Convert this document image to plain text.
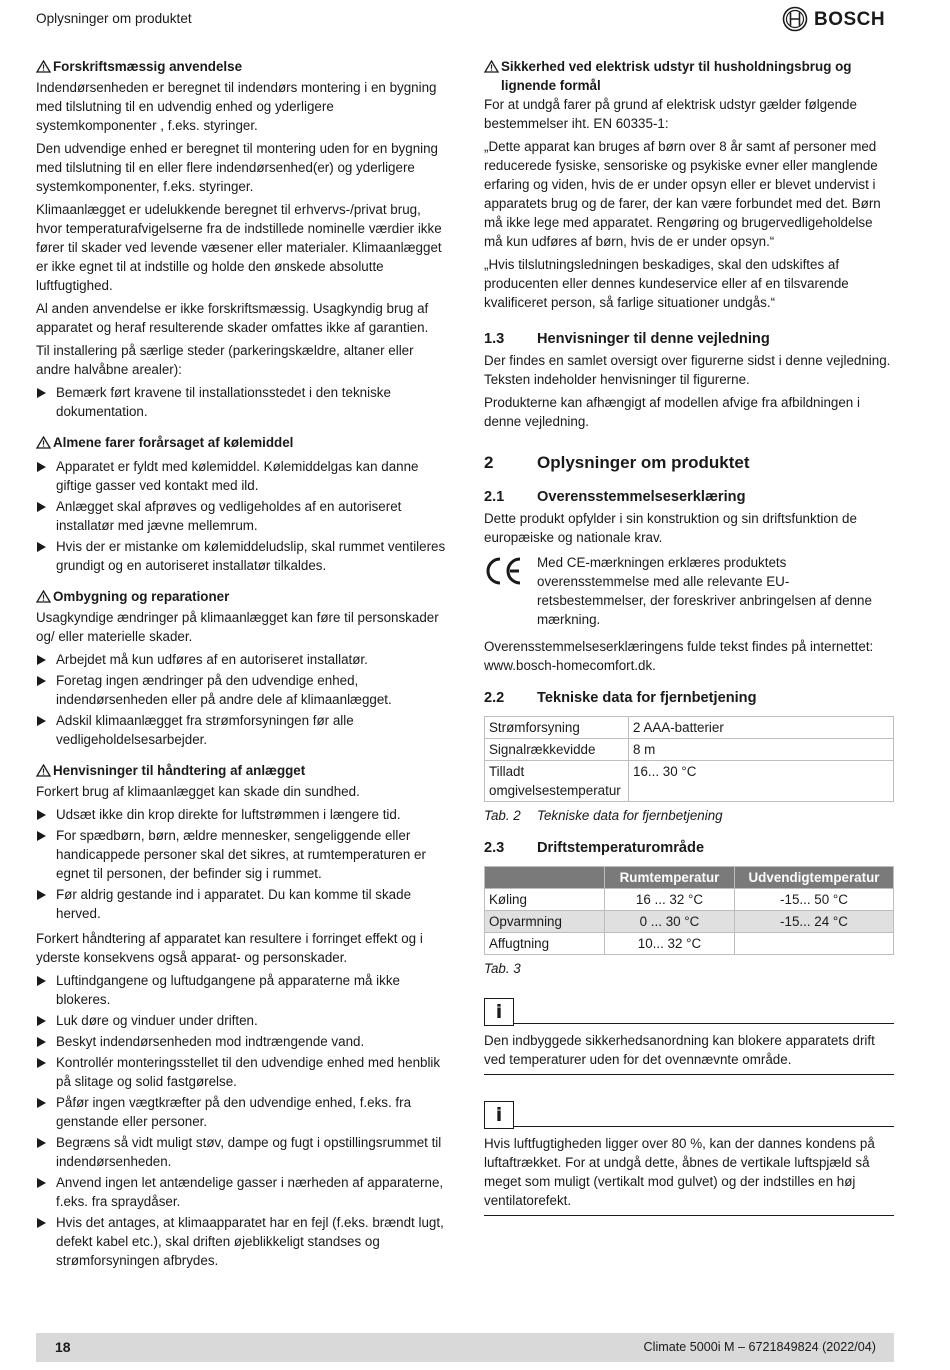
Oplysninger om produktet	BOSCH
Forskriftsmæssig anvendelse

Indendørsenheden er beregnet til indendørs montering i en bygning med tilslutning til en udvendig enhed og yderligere systemkomponenter , f.eks. styringer.

Den udvendige enhed er beregnet til montering uden for en bygning med tilslutning til en eller flere indendørsenhed(er) og yderligere systemkomponenter, f.eks. styringer.

Klimaanlægget er udelukkende beregnet til erhvervs-/privat brug, hvor temperaturafvigelserne fra de indstillede nominelle værdier ikke fører til skader ved levende væsener eller materialer. Klimaanlægget er ikke egnet til at indstille og holde den ønskede absolutte luftfugtighed.

Al anden anvendelse er ikke forskriftsmæssig. Usagkyndig brug af apparatet og heraf resulterende skader omfattes ikke af garantien.

Til installering på særlige steder (parkeringskældre, altaner eller andre halvåbne arealer):

Bemærk ført kravene til installationsstedet i den tekniske dokumentation.
Almene farer forårsaget af kølemiddel
Apparatet er fyldt med kølemiddel. Kølemiddelgas kan danne giftige gasser ved kontakt med ild.
Anlægget skal afprøves og vedligeholdes af en autoriseret installatør med jævne mellemrum.
Hvis der er mistanke om kølemiddeludslip, skal rummet ventileres grundigt og en autoriseret installatør tilkaldes.
Ombygning og reparationer

Usagkyndige ændringer på klimaanlægget kan føre til personskader og/ eller materielle skader.

Arbejdet må kun udføres af en autoriseret installatør.
Foretag ingen ændringer på den udvendige enhed, indendørsenheden eller på andre dele af klimaanlægget.
Adskil klimaanlægget fra strømforsyningen før alle vedligeholdelsesarbejder.
Henvisninger til håndtering af anlægget

Forkert brug af klimaanlægget kan skade din sundhed.

Udsæt ikke din krop direkte for luftstrømmen i længere tid.
For spædbørn, børn, ældre mennesker, sengeliggende eller handicappede personer skal det sikres, at rumtemperaturen er egnet til personen, der befinder sig i rummet.
Før aldrig gestande ind i apparatet. Du kan komme til skade herved.

Forkert håndtering af apparatet kan resultere i forringet effekt og i yderste konsekvens også apparat- og personskader.

Luftindgangene og luftudgangene på apparaterne må ikke blokeres.
Luk døre og vinduer under driften.
Beskyt indendørsenheden mod indtrængende vand.
Kontrollér monteringsstellet til den udvendige enhed med henblik på slitage og solid fastgørelse.
Påfør ingen vægtkræfter på den udvendige enhed, f.eks. fra genstande eller personer.
Begræns så vidt muligt støv, dampe og fugt i opstillingsrummet til indendørsenheden.
Anvend ingen let antændelige gasser i nærheden af apparaterne, f.eks. fra spraydåser.
Hvis det antages, at klimaapparatet har en fejl (f.eks. brændt lugt, defekt kabel etc.), skal driften øjeblikkeligt standses og strømforsyningen afbrydes.
Sikkerhed ved elektrisk udstyr til husholdningsbrug og lignende formål

For at undgå farer på grund af elektrisk udstyr gælder følgende bestemmelser iht. EN 60335-1:

„Dette apparat kan bruges af børn over 8 år samt af personer med reducerede fysiske, sensoriske og psykiske evner eller manglende erfaring og viden, hvis de er under opsyn eller er blevet undervist i apparatets brug og de farer, der kan være forbundet med det. Børn må ikke lege med apparatet. Rengøring og brugervedligeholdelse må kun udføres af børn, hvis de er under opsyn.“

„Hvis tilslutningsledningen beskadiges, skal den udskiftes af producenten eller dennes kundeservice eller af en tilsvarende kvalificeret person, så farlige situationer undgås.“

1.3	Henvisninger til denne vejledning

Der findes en samlet oversigt over figurerne sidst i denne vejledning. Teksten indeholder henvisninger til figurerne.

Produkterne kan afhængigt af modellen afvige fra afbildningen i denne vejledning.

2	Oplysninger om produktet
2.1	Overensstemmelseserklæring

Dette produkt opfylder i sin konstruktion og sin driftsfunktion de europæiske og nationale krav.

Med CE-mærkningen erklæres produktets overensstemmelse med alle relevante EU-retsbestemmelser, der foreskriver anbringelsen af denne mærkning.

Overensstemmelseserklæringens fulde tekst findes på internettet: www.bosch-homecomfort.dk.

2.2	Tekniske data for fjernbetjening
Strømforsyning	2 AAA-batterier
Signalrækkevidde	8 m
Tilladt omgivelsestemperatur	16... 30 °C
Tab. 2	Tekniske data for fjernbetjening
2.3	Driftstemperaturområde
	Rumtemperatur	Udvendigtemperatur
Køling	16 ... 32 °C	-15... 50 °C
Opvarmning	0 ... 30 °C	-15... 24 °C
Affugtning	10... 32 °C	
Tab. 3
i

Den indbyggede sikkerhedsanordning kan blokere apparatets drift ved temperaturer uden for det ovennævnte område.

i

Hvis luftfugtigheden ligger over 80 %, kan der dannes kondens på luftaftrækket. For at undgå dette, åbnes de vertikale luftspjæld så meget som muligt (vertikalt mod gulvet) og der indstilles en høj ventilatorefekt.

18	Climate 5000i M – 6721849824 (2022/04)
